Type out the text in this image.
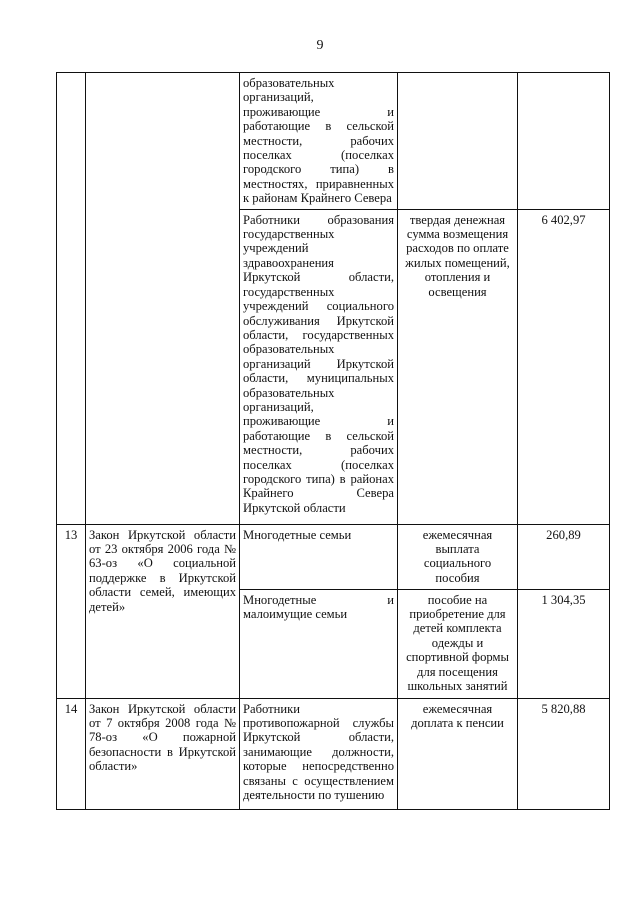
9
		образовательных организаций, проживающие и работающие в сельской местности, рабочих поселках (поселках городского типа) в местностях, приравненных к районам Крайнего Севера		
		Работники образования государственных учреждений здравоохранения Иркутской области, государственных учреждений социального обслуживания Иркутской области, государственных образовательных организаций Иркутской области, муниципальных образовательных организаций, проживающие и работающие в сельской местности, рабочих поселках (поселках городского типа) в районах Крайнего Севера Иркутской области	твердая денежная сумма возмещения расходов по оплате жилых помещений, отопления и освещения	6 402,97
13	Закон Иркутской области от 23 октября 2006 года № 63-оз «О социальной поддержке в Иркутской области семей, имеющих детей»	Многодетные семьи	ежемесячная выплата социального пособия	260,89
		Многодетные и малоимущие семьи	пособие на приобретение для детей комплекта одежды и спортивной формы для посещения школьных занятий	1 304,35
14	Закон Иркутской области от 7 октября 2008 года № 78-оз «О пожарной безопасности в Иркутской области»	Работники противопожарной службы Иркутской области, занимающие должности, которые непосредственно связаны с осуществлением деятельности по тушению	ежемесячная доплата к пенсии	5 820,88
